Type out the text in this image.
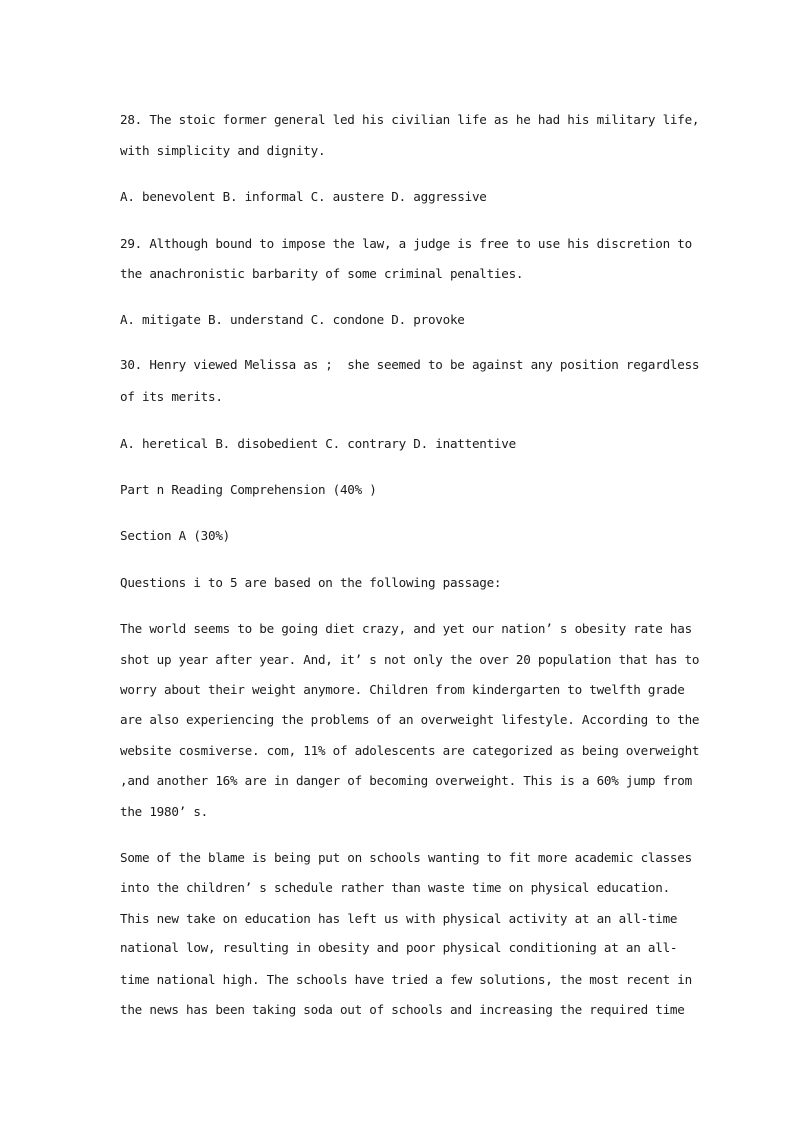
28. The stoic former general led his civilian life as he had his military life,
with simplicity and dignity.
A. benevolent B. informal C. austere D. aggressive
29. Although bound to impose the law, a judge is free to use his discretion to
the anachronistic barbarity of some criminal penalties.
A. mitigate B. understand C. condone D. provoke
30. Henry viewed Melissa as ;  she seemed to be against any position regardless
of its merits.
A. heretical B. disobedient C. contrary D. inattentive
Part n Reading Comprehension (40% )
Section A (30%)
Questions i to 5 are based on the following passage:
The world seems to be going diet crazy, and yet our nation’ s obesity rate has
shot up year after year. And, it’ s not only the over 20 population that has to
worry about their weight anymore. Children from kindergarten to twelfth grade
are also experiencing the problems of an overweight lifestyle. According to the
website cosmiverse. com, 11% of adolescents are categorized as being overweight
,and another 16% are in danger of becoming overweight. This is a 60% jump from
the 1980’ s.
Some of the blame is being put on schools wanting to fit more academic classes
into the children’ s schedule rather than waste time on physical education.
This new take on education has left us with physical activity at an all-time
national low, resulting in obesity and poor physical conditioning at an all-
time national high. The schools have tried a few solutions, the most recent in
the news has been taking soda out of schools and increasing the required time
